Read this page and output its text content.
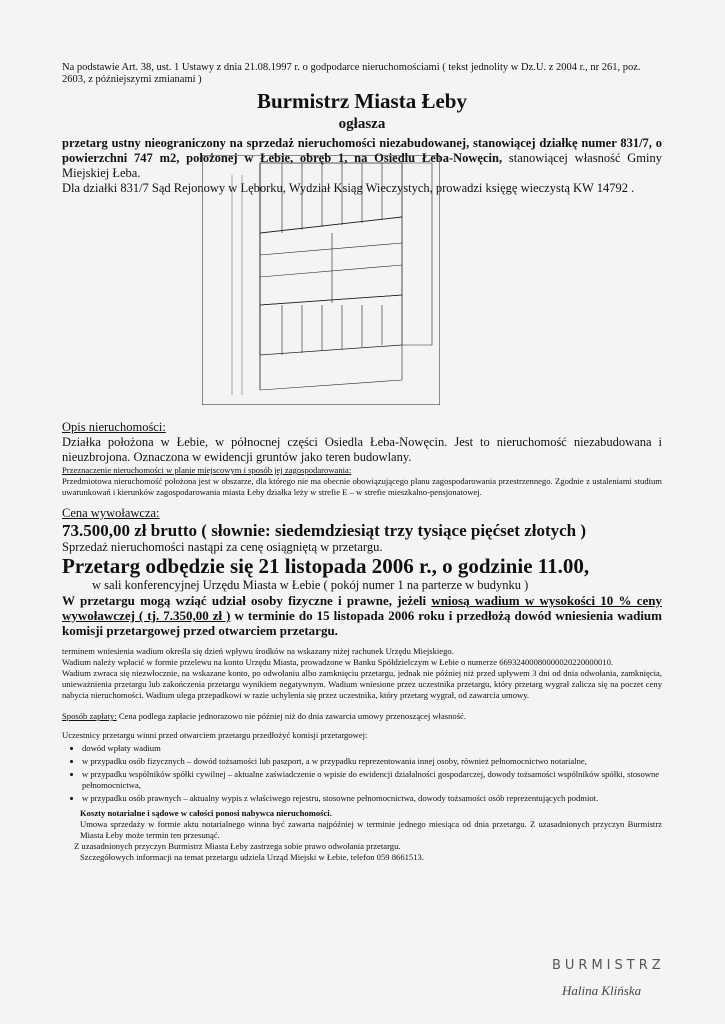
Na podstawie Art. 38, ust. 1 Ustawy z dnia 21.08.1997 r. o godpodarce nieruchomościami ( tekst jednolity w Dz.U. z 2004 r., nr 261, poz. 2603, z późniejszymi zmianami )
Burmistrz Miasta Łeby
ogłasza
przetarg ustny nieograniczony na sprzedaż nieruchomości niezabudowanej, stanowiącej działkę numer 831/7, o powierzchni 747 m2, położonej w Łebie, obręb 1, na Osiedlu Łeba-Nowęcin, stanowiącej własność Gminy Miejskiej Łeba.
Dla działki 831/7 Sąd Rejonowy w Lęborku, Wydział Ksiąg Wieczystych, prowadzi księgę wieczystą KW 14792 .
Opis nieruchomości:
Działka położona w Łebie, w północnej części Osiedla Łeba-Nowęcin. Jest to nieruchomość niezabudowana i nieuzbrojona. Oznaczona w ewidencji gruntów jako teren budowlany.
Przeznaczenie nieruchomości w planie miejscowym i sposób jej zagospodarowania:
Przedmiotowa nieruchomość położona jest w obszarze, dla którego nie ma obecnie obowiązującego planu zagospodarowania przestrzennego. Zgodnie z ustaleniami studium uwarunkowań i kierunków zagospodarowania miasta Łeby działka leży w strefie E – w strefie mieszkalno-pensjonatowej.
Cena wywoławcza:
73.500,00 zł brutto ( słownie: siedemdziesiąt trzy tysiące pięćset złotych )
Sprzedaż nieruchomości nastąpi za cenę osiągniętą w przetargu.
Przetarg odbędzie się 21 listopada 2006 r., o godzinie 11.00,
w sali konferencyjnej Urzędu Miasta w Łebie ( pokój numer 1 na parterze w budynku )
W przetargu mogą wziąć udział osoby fizyczne i prawne, jeżeli wniosą wadium w wysokości 10 % ceny wywoławczej ( tj. 7.350,00 zł ) w terminie do 15 listopada 2006 roku i przedłożą dowód wniesienia wadium komisji przetargowej przed otwarciem przetargu.
terminem wniesienia wadium określa się dzień wpływu środków na wskazany niżej rachunek Urzędu Miejskiego.
Wadium należy wpłacić w formie przelewu na konto Urzędu Miasta, prowadzone w Banku Spółdzielczym w Łebie o numerze 66932400080000020220000010.
Wadium zwraca się niezwłocznie, na wskazane konto, po odwołaniu albo zamknięciu przetargu, jednak nie później niż przed upływem 3 dni od dnia odwołania, zamknięcia, unieważnienia przetargu lub zakończenia przetargu wynikiem negatywnym. Wadium wniesione przez uczestnika przetargu, który przetarg wygrał zalicza się na poczet ceny nabycia nieruchomości. Wadium ulega przepadkowi w razie uchylenia się przez uczestnika, który przetarg wygrał, od zawarcia umowy.
Sposób zapłaty: Cena podlega zapłacie jednorazowo nie później niż do dnia zawarcia umowy przenoszącej własność.
Uczestnicy przetargu winni przed otwarciem przetargu przedłożyć komisji przetargowej:
• dowód wpłaty wadium
• w przypadku osób fizycznych – dowód tożsamości lub paszport, a w przypadku reprezentowania innej osoby, również pełnomocnictwo notarialne,
• w przypadku wspólników spółki cywilnej – aktualne zaświadczenie o wpisie do ewidencji działalności gospodarczej, dowody tożsamości wspólników spółki, stosowne pełnomocnictwa,
• w przypadku osób prawnych – aktualny wypis z właściwego rejestru, stosowne pełnomocnictwa, dowody tożsamości osób reprezentujących podmiot.
Koszty notarialne i sądowe w całości ponosi nabywca nieruchomości.
Umowa sprzedaży w formie aktu notarialnego winna być zawarta najpóźniej w terminie jednego miesiąca od dnia przetargu. Z uzasadnionych przyczyn Burmistrz Miasta Łeby może termin ten przesunąć.
Z uzasadnionych przyczyn Burmistrz Miasta Łeby zastrzega sobie prawo odwołania przetargu.
Szczegółowych informacji na temat przetargu udziela Urząd Miejski w Łebie, telefon 059 8661513.
BURMISTRZ
Halina Klińska
